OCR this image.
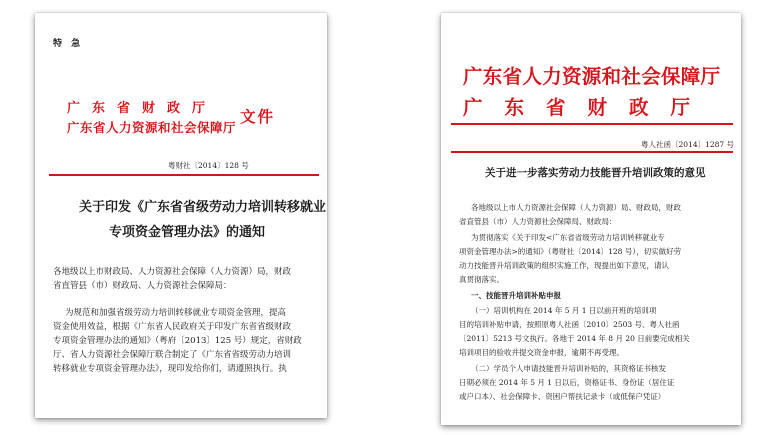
特 急
广东省财政厅
广东省人力资源和社会保障厅
文件
粤财社〔2014〕128 号
关于印发《广东省省级劳动力培训转移就业
专项资金管理办法》的通知
各地级以上市财政局、人力资源社会保障（人力资源）局，财政
省直管县（市）财政局、人力资源社会保障局：
为规范和加强省级劳动力培训转移就业专项资金管理，提高
资金使用效益，根据《广东省人民政府关于印发广东省省级财政
专项资金管理办法的通知》（粤府〔2013〕125 号）规定，省财政
厅、省人力资源社会保障厅联合制定了《广东省省级劳动力培训
转移就业专项资金管理办法》，现印发给你们，请遵照执行。执
广东省人力资源和社会保障厅
广东省财政厅
粤人社函〔2014〕1287 号
关于进一步落实劳动力技能晋升培训政策的意见
各地级以上市人力资源社会保障（人力资源）局、财政局，财政
省直管县（市）人力资源社会保障局、财政局：
为贯彻落实《关于印发<广东省省级劳动力培训转移就业专
项资金管理办法>的通知》（粤财社〔2014〕128 号），切实做好劳
动力技能晋升培训政策的组织实施工作，现提出如下意见，请认
真贯彻落实。
一、技能晋升培训补贴申报
（一）培训机构在 2014 年 5 月 1 日以前开班的培训项
目的培训补贴申请，按照原粤人社函〔2010〕2503 号、粤人社函
〔2011〕5213 号文执行。各地于 2014 年 8 月 20 日前要完成相关
培训项目的验收并提交资金申报，逾期不再受理。
（二）学员个人申请技能晋升培训补贴的，其资格证书核发
日期必须在 2014 年 5 月 1 日以后，资格证书、身份证（居住证
或户口本）、社会保障卡、资困户帮扶记录卡（或低保户凭证）
